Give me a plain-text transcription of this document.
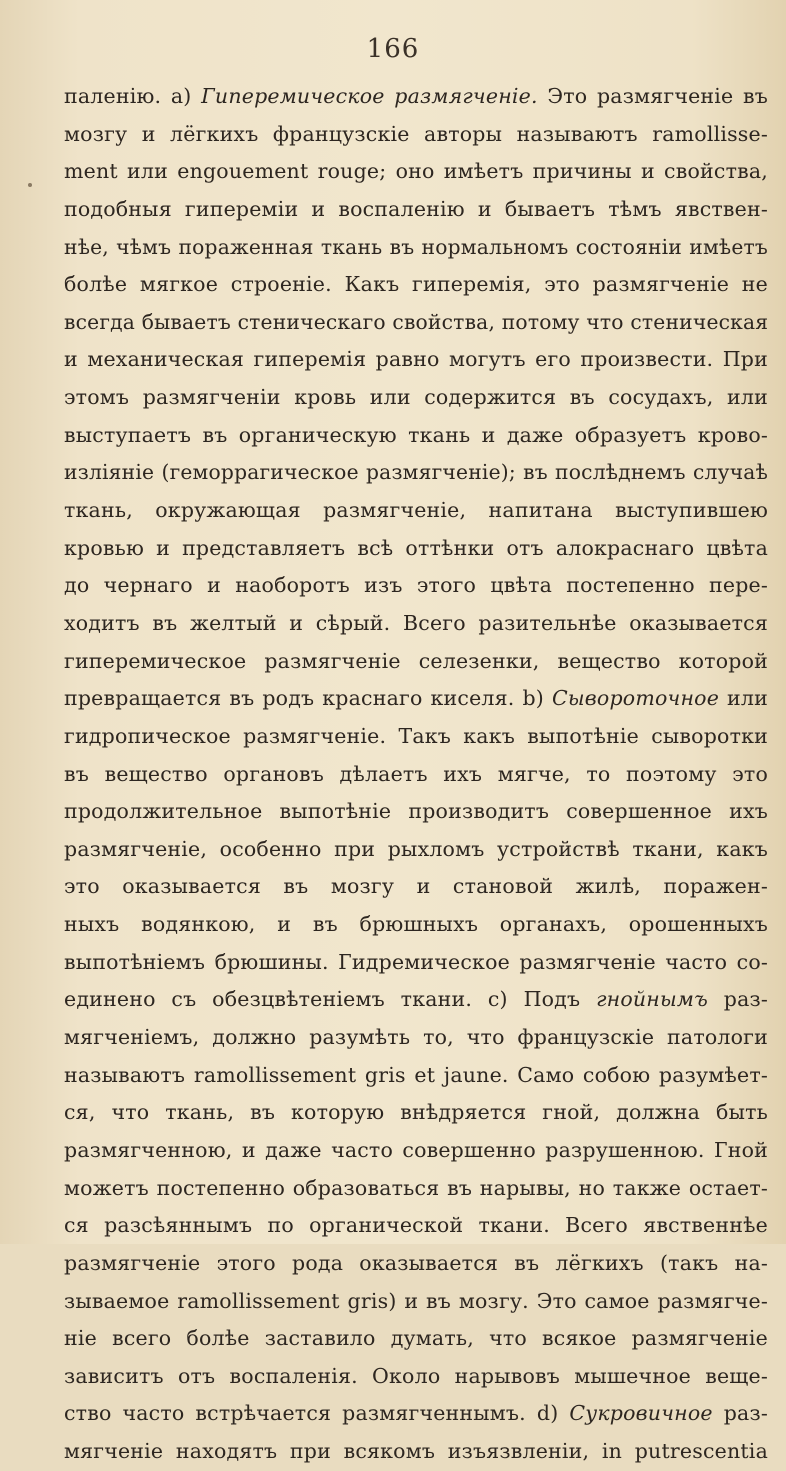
166
паленію. а) Гиперемическое размягченіе. Это размягченіе въ
мозгу и лёгкихъ французскіе авторы называютъ ramollisse-
ment или engouement rouge; оно имѣетъ причины и свойства,
подобныя гипереміи и воспаленію и бываетъ тѣмъ явствен-
нѣе, чѣмъ пораженная ткань въ нормальномъ состояніи имѣетъ
болѣе мягкое строеніе. Какъ гиперемія, это размягченіе не
всегда бываетъ стеническаго свойства, потому что стеническая
и механическая гиперемія равно могутъ его произвести. При
этомъ размягченіи кровь или содержится въ сосудахъ, или
выступаетъ въ органическую ткань и даже образуетъ крово-
изліяніе (геморрагическое размягченіе); въ послѣднемъ случаѣ
ткань, окружающая размягченіе, напитана выступившею
кровью и представляетъ всѣ оттѣнки отъ алокраснаго цвѣта
до чернаго и наоборотъ изъ этого цвѣта постепенно пере-
ходитъ въ желтый и сѣрый. Всего разительнѣе оказывается
гиперемическое размягченіе селезенки, вещество которой
превращается въ родъ краснаго киселя. b) Сывороточное или
гидропическое размягченіе. Такъ какъ выпотѣніе сыворотки
въ вещество органовъ дѣлаетъ ихъ мягче, то поэтому это
продолжительное выпотѣніе производитъ совершенное ихъ
размягченіе, особенно при рыхломъ устройствѣ ткани, какъ
это оказывается въ мозгу и становой жилѣ, поражен-
ныхъ водянкою, и въ брюшныхъ органахъ, орошенныхъ
выпотѣніемъ брюшины. Гидремическое размягченіе часто со-
единено съ обезцвѣтеніемъ ткани. с) Подъ гнойнымъ раз-
мягченіемъ, должно разумѣть то, что французскіе патологи
называютъ ramollissement gris et jaune. Само собою разумѣет-
ся, что ткань, въ которую внѣдряется гной, должна быть
размягченною, и даже часто совершенно разрушенною. Гной
можетъ постепенно образоваться въ нарывы, но также остает-
ся разсѣяннымъ по органической ткани. Всего явственнѣе
размягченіе этого рода оказывается въ лёгкихъ (такъ на-
зываемое ramollissement gris) и въ мозгу. Это самое размягче-
ніе всего болѣе заставило думать, что всякое размягченіе
зависитъ отъ воспаленія. Около нарывовъ мышечное веще-
ство часто встрѣчается размягченнымъ. d) Сукровичное раз-
мягченіе находятъ при всякомъ изъязвленіи, in putrescentia
